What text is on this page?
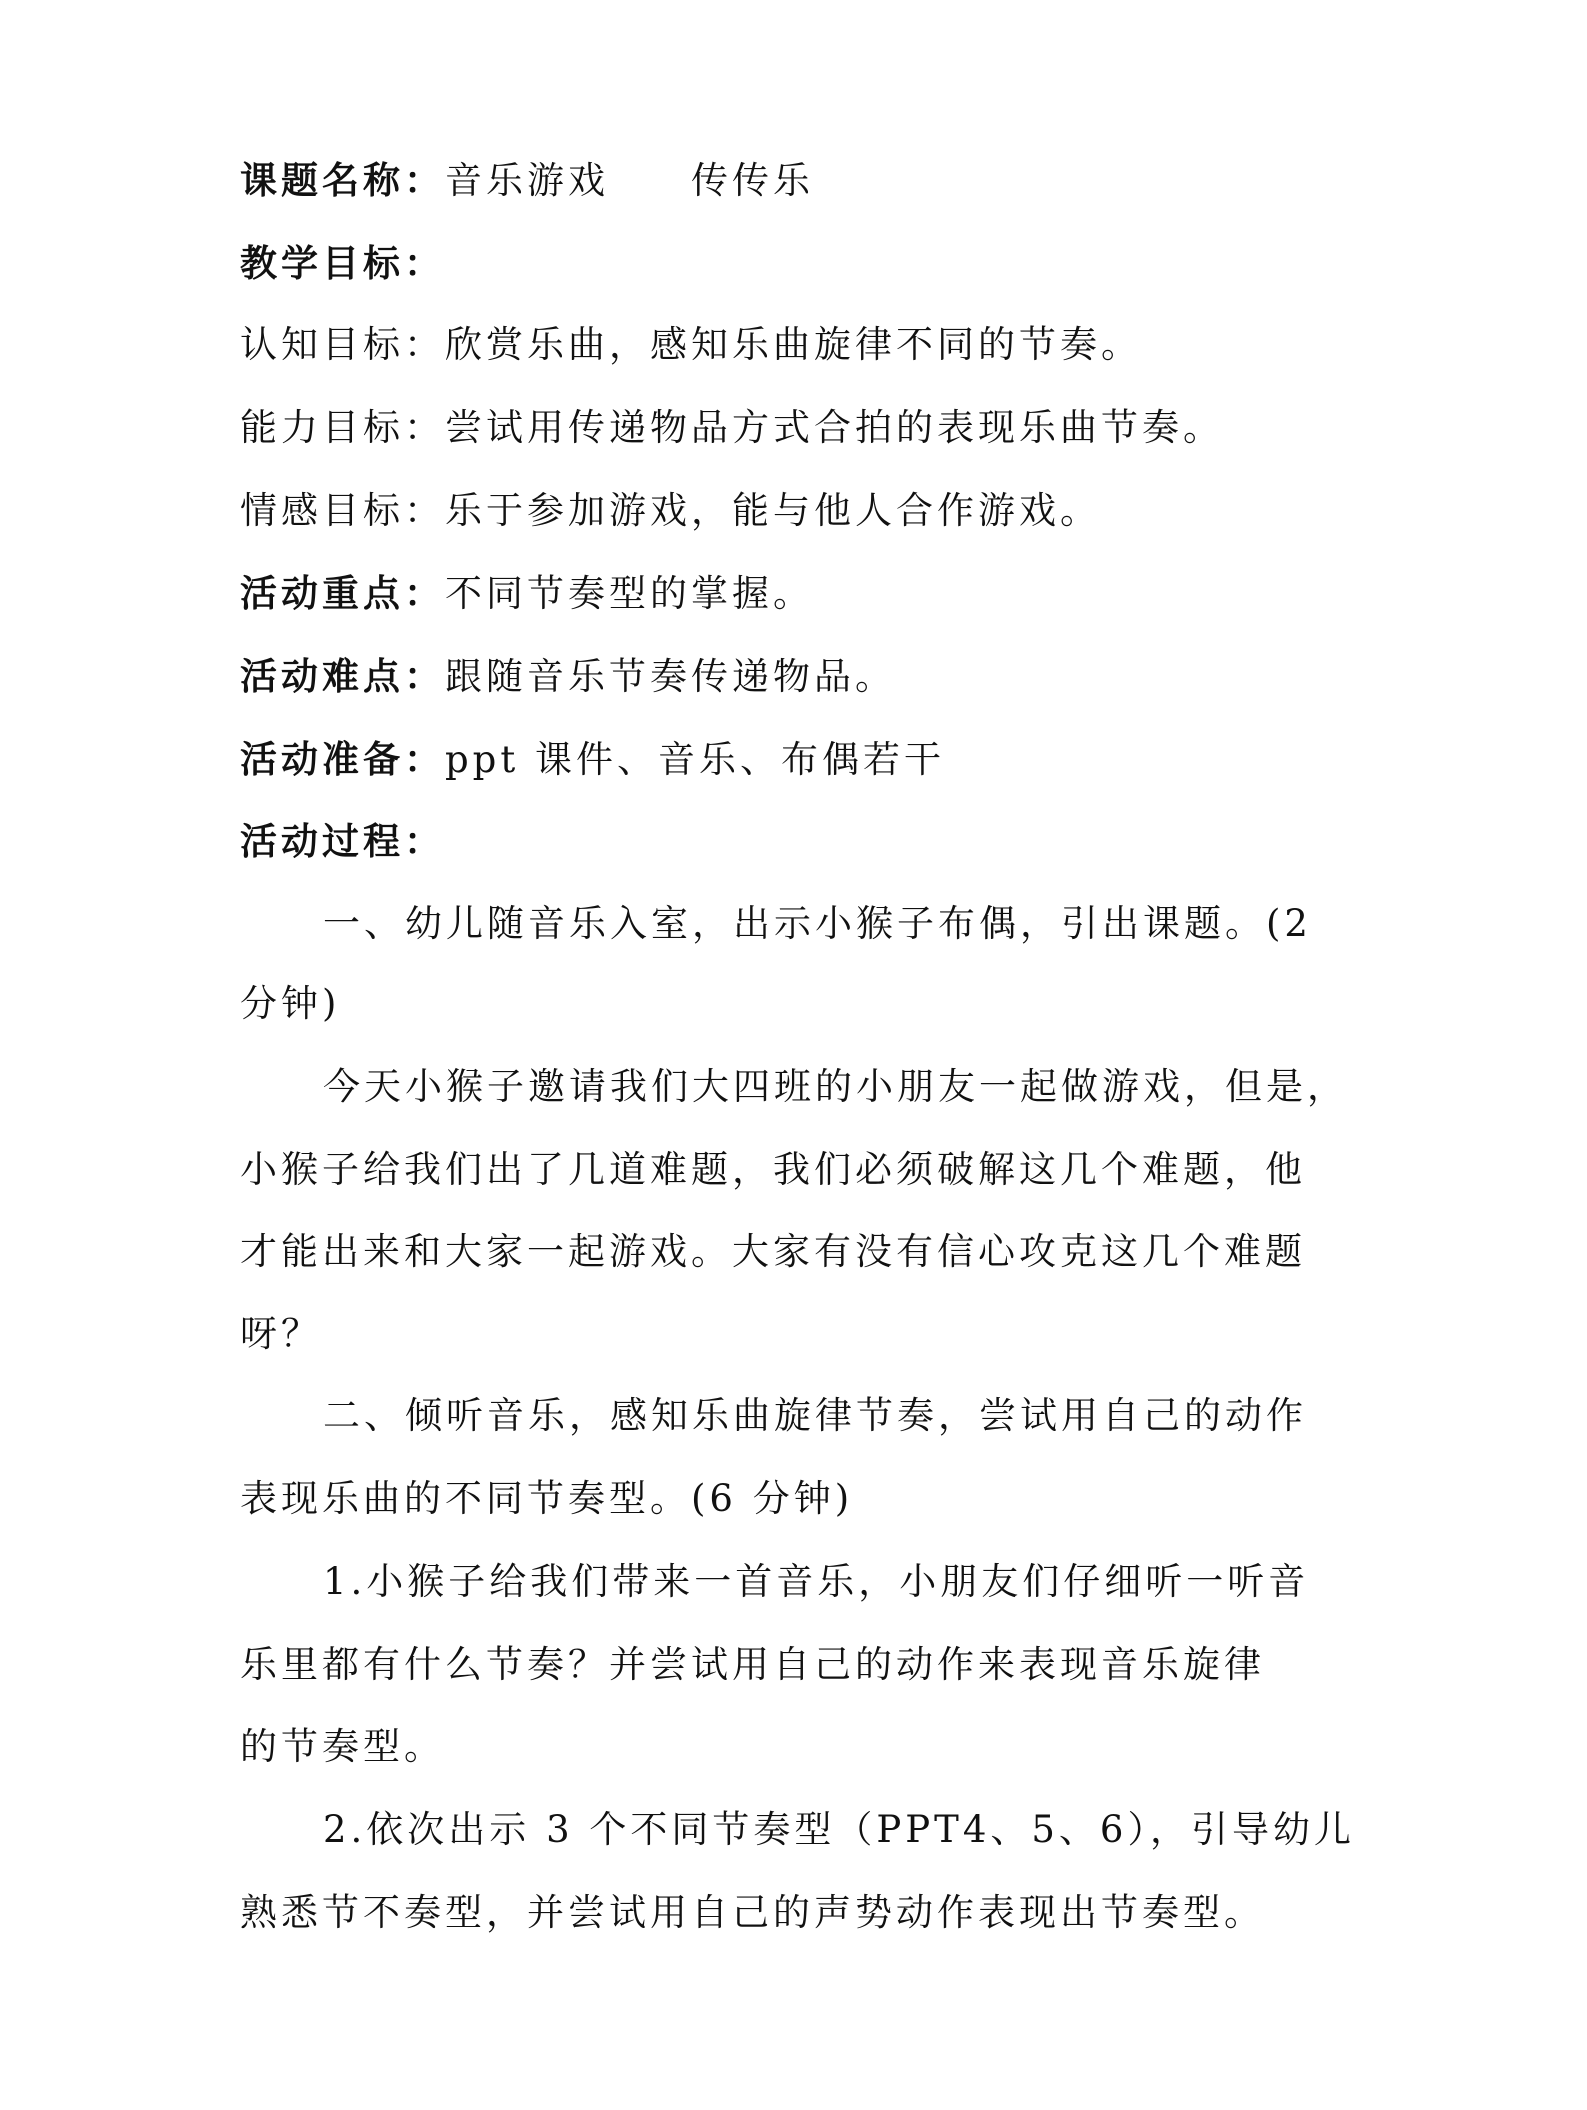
课题名称：音乐游戏　　传传乐
教学目标：
认知目标：欣赏乐曲，感知乐曲旋律不同的节奏。
能力目标：尝试用传递物品方式合拍的表现乐曲节奏。
情感目标：乐于参加游戏，能与他人合作游戏。
活动重点：不同节奏型的掌握。
活动难点：跟随音乐节奏传递物品。
活动准备：ppt 课件、音乐、布偶若干
活动过程：
一、幼儿随音乐入室，出示小猴子布偶，引出课题。(2
分钟)
今天小猴子邀请我们大四班的小朋友一起做游戏，但是，
小猴子给我们出了几道难题，我们必须破解这几个难题，他
才能出来和大家一起游戏。大家有没有信心攻克这几个难题
呀？
二、倾听音乐，感知乐曲旋律节奏，尝试用自己的动作
表现乐曲的不同节奏型。(6 分钟)
1.小猴子给我们带来一首音乐，小朋友们仔细听一听音
乐里都有什么节奏？并尝试用自己的动作来表现音乐旋律
的节奏型。
2.依次出示 3 个不同节奏型（PPT4、5、6），引导幼儿
熟悉节不奏型，并尝试用自己的声势动作表现出节奏型。
